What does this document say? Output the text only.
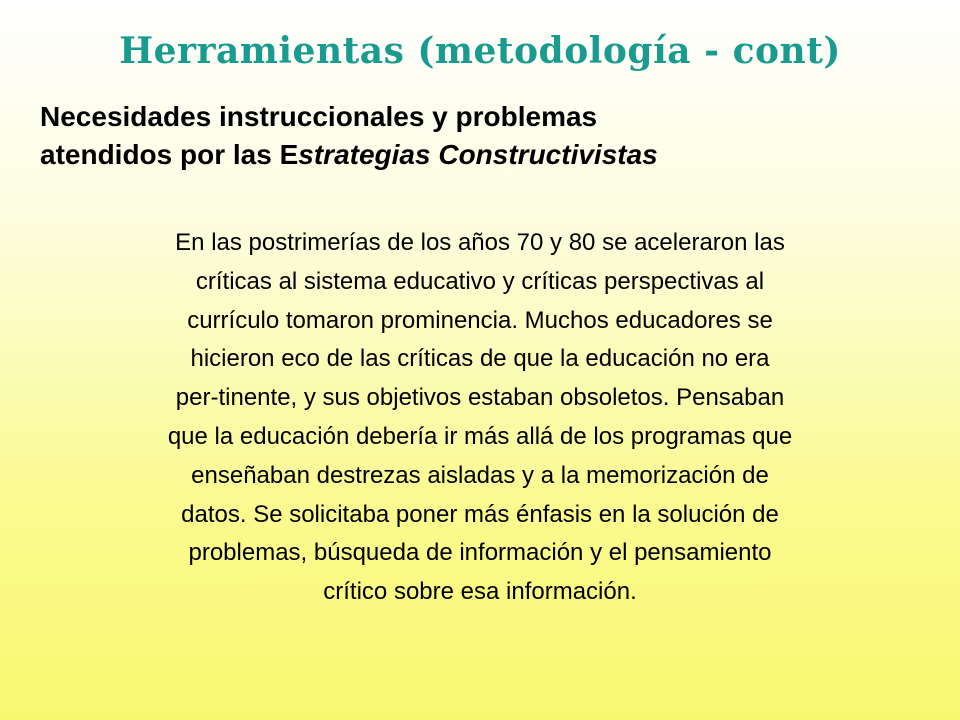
Herramientas (metodología - cont)
Necesidades instruccionales y problemas
atendidos por las Estrategias Constructivistas
En las postrimerías de los años 70 y 80 se aceleraron las
críticas al sistema educativo y críticas perspectivas al
currículo tomaron prominencia. Muchos educadores se
hicieron eco de las críticas de que la educación no era
per-tinente, y sus objetivos estaban obsoletos. Pensaban
que la educación debería ir más allá de los programas que
enseñaban destrezas aisladas y a la memorización de
datos. Se solicitaba poner más énfasis en la solución de
problemas, búsqueda de información y el pensamiento
crítico sobre esa información.
